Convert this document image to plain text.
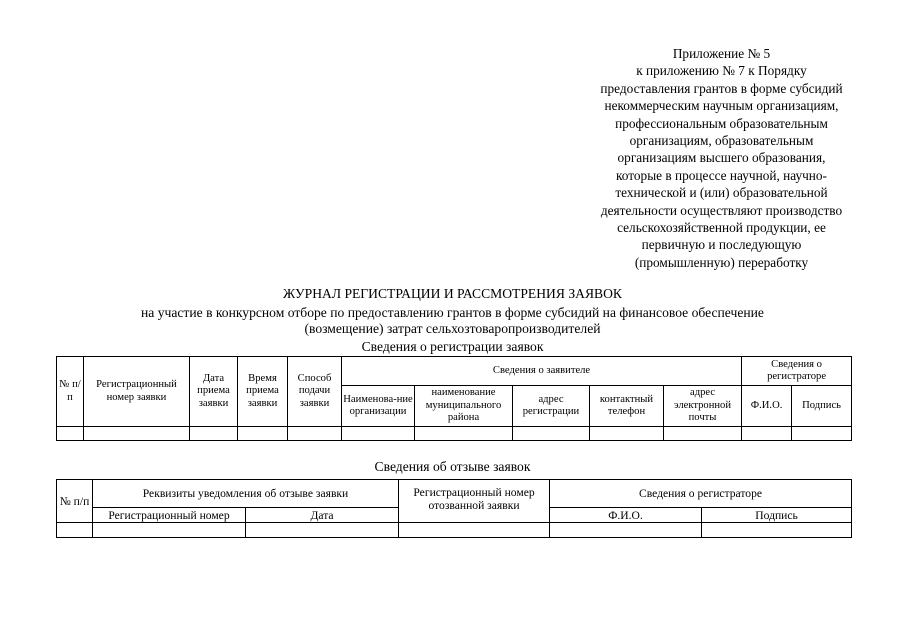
Приложение № 5
к приложению № 7 к Порядку
предоставления грантов в форме субсидий
некоммерческим научным организациям,
профессиональным образовательным
организациям, образовательным
организациям высшего образования,
которые в процессе научной, научно-
технической и (или) образовательной
деятельности осуществляют производство
сельскохозяйственной продукции, ее
первичную и последующую
(промышленную) переработку
ЖУРНАЛ РЕГИСТРАЦИИ И РАССМОТРЕНИЯ ЗАЯВОК
на участие в конкурсном отборе по предоставлению грантов в форме субсидий на финансовое обеспечение
(возмещение) затрат сельхозтоваропроизводителей
Сведения о регистрации заявок
№ п/п	Регистрационный номер заявки	Дата приема заявки	Время приема заявки	Способ подачи заявки	Сведения о заявителе					Сведения о регистраторе	
					Наименова-ние организации	наименование муниципального района	адрес регистрации	контактный телефон	адрес электронной почты	Ф.И.О.	Подпись

Сведения об отзыве заявок
№ п/п	Реквизиты уведомления об отзыве заявки		Регистрационный номер отозванной заявки	Сведения о регистраторе	
	Регистрационный номер	Дата		Ф.И.О.	Подпись
